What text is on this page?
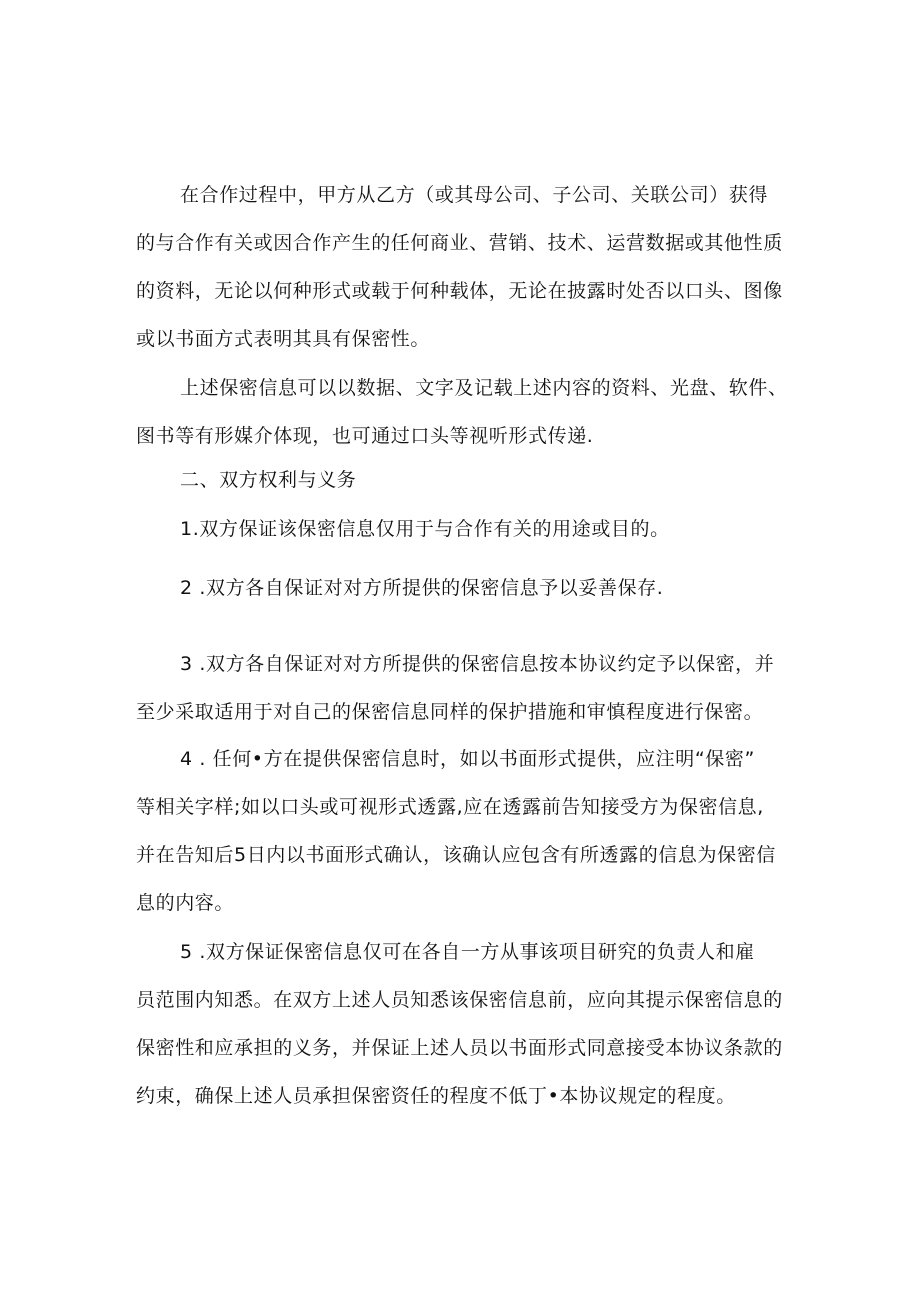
在合作过程中，甲方从乙方（或其母公司、子公司、关联公司）获得
的与合作有关或因合作产生的任何商业、营销、技术、运营数据或其他性质
的资料，无论以何种形式或载于何种载体，无论在披露时处否以口头、图像
或以书面方式表明其具有保密性。
上述保密信息可以以数据、文字及记载上述内容的资料、光盘、软件、
图书等有形媒介体现，也可通过口头等视听形式传递.
二、双方权利与义务
1.双方保证该保密信息仅用于与合作有关的用途或目的。
2 .双方各自保证对对方所提供的保密信息予以妥善保存.
3 .双方各自保证对对方所提供的保密信息按本协议约定予以保密，并
至少采取适用于对自己的保密信息同样的保护措施和审慎程度进行保密。
4 . 任何•方在提供保密信息时，如以书面形式提供，应注明“保密”
等相关字样;如以口头或可视形式透露,应在透露前告知接受方为保密信息,
并在告知后5日内以书面形式确认，该确认应包含有所透露的信息为保密信
息的内容。
5 .双方保证保密信息仅可在各自一方从事该项目研究的负责人和雇
员范围内知悉。在双方上述人员知悉该保密信息前，应向其提示保密信息的
保密性和应承担的义务，并保证上述人员以书面形式同意接受本协议条款的
约束，确保上述人员承担保密资任的程度不低丁•本协议规定的程度。
